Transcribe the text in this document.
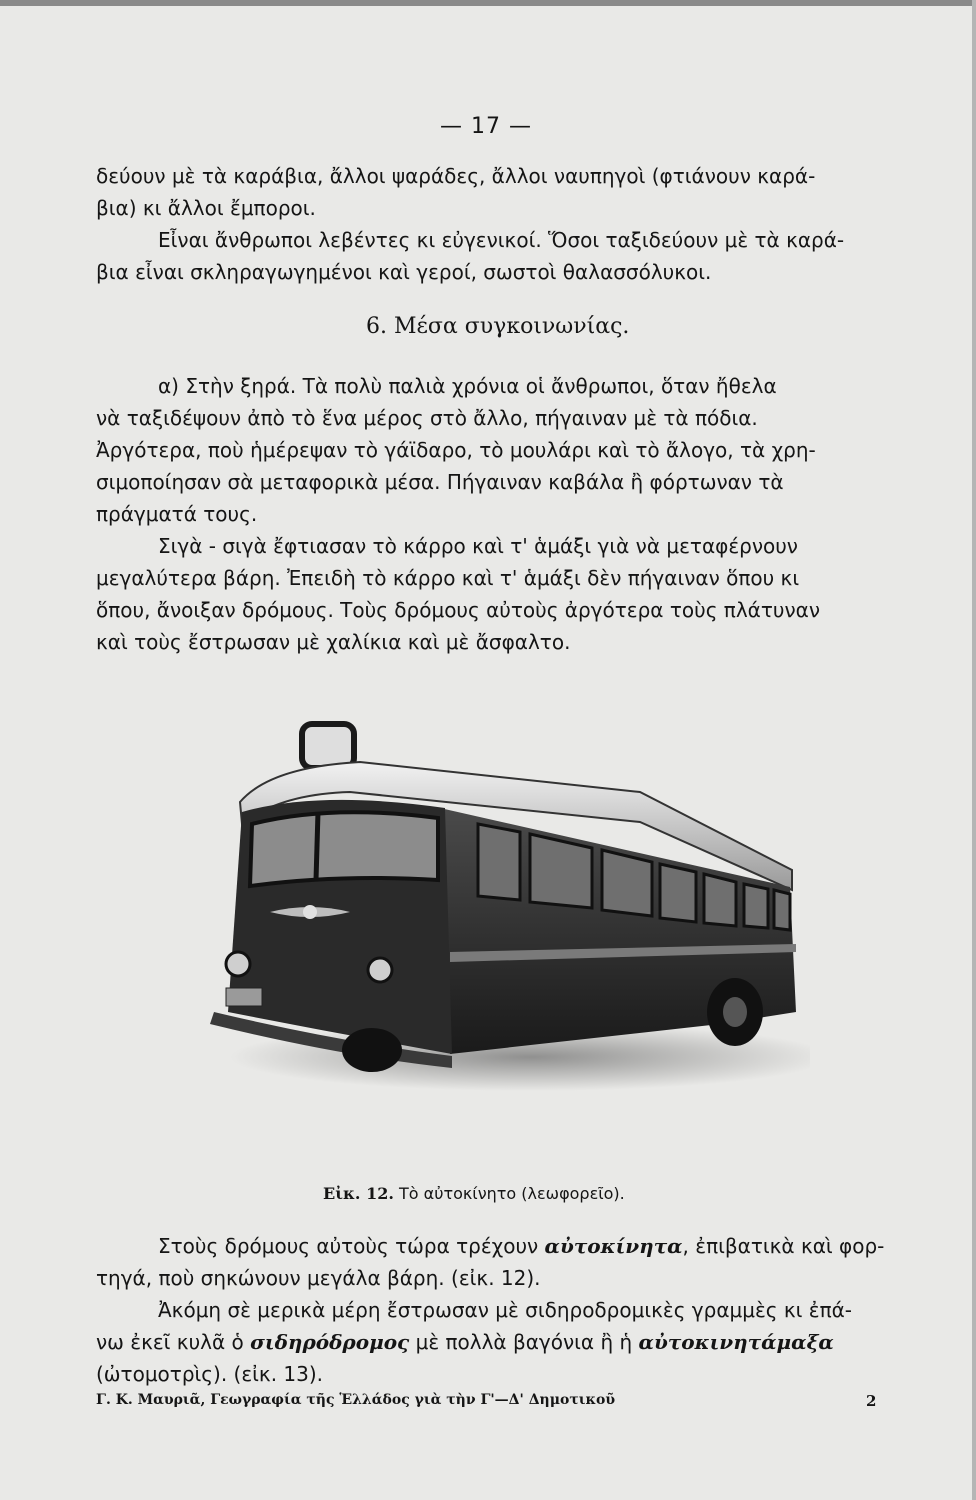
— 17 —

δεύουν μὲ τὰ καράβια, ἄλλοι ψαράδες, ἄλλοι ναυπηγοὶ (φτιάνουν καρά-

βια) κι ἄλλοι ἔμποροι.

Εἶναι ἄνθρωποι λεβέντες κι εὐγενικοί. Ὅσοι ταξιδεύουν μὲ τὰ καρά-

βια εἶναι σκληραγωγημένοι καὶ γεροί, σωστοὶ θαλασσόλυκοι.

6. Μέσα συγκοινωνίας.

α) Στὴν ξηρά. Τὰ πολὺ παλιὰ χρόνια οἱ ἄνθρωποι, ὅταν ἤθελα

νὰ ταξιδέψουν ἀπὸ τὸ ἕνα μέρος στὸ ἄλλο, πήγαιναν μὲ τὰ πόδια.

Ἀργότερα, ποὺ ἡμέρεψαν τὸ γάϊδαρο, τὸ μουλάρι καὶ τὸ ἄλογο, τὰ χρη-

σιμοποίησαν σὰ μεταφορικὰ μέσα. Πήγαιναν καβάλα ἢ φόρτωναν τὰ

πράγματά τους.

Σιγὰ - σιγὰ ἔφτιασαν τὸ κάρρο καὶ τ' ἁμάξι γιὰ νὰ μεταφέρνουν

μεγαλύτερα βάρη. Ἐπειδὴ τὸ κάρρο καὶ τ' ἁμάξι δὲν πήγαιναν ὅπου κι

ὅπου, ἄνοιξαν δρόμους. Τοὺς δρόμους αὐτοὺς ἀργότερα τοὺς πλάτυναν

καὶ τοὺς ἔστρωσαν μὲ χαλίκια καὶ μὲ ἄσφαλτο.

Εἰκ. 12. Τὸ αὐτοκίνητο (λεωφορεῖο).

Στοὺς δρόμους αὐτοὺς τώρα τρέχουν αὐτοκίνητα, ἐπιβατικὰ καὶ φορ-

τηγά, ποὺ σηκώνουν μεγάλα βάρη. (εἰκ. 12).

Ἀκόμη σὲ μερικὰ μέρη ἔστρωσαν μὲ σιδηροδρομικὲς γραμμὲς κι ἐπά-

νω ἐκεῖ κυλᾶ ὁ σιδηρόδρομος μὲ πολλὰ βαγόνια ἢ ἡ αὐτοκινητάμαξα

(ὠτομοτρὶς). (εἰκ. 13).

Γ. Κ. Μαυριᾶ, Γεωγραφία τῆς Ἑλλάδος γιὰ τὴν Γ'—Δ' Δημοτικοῦ	2
